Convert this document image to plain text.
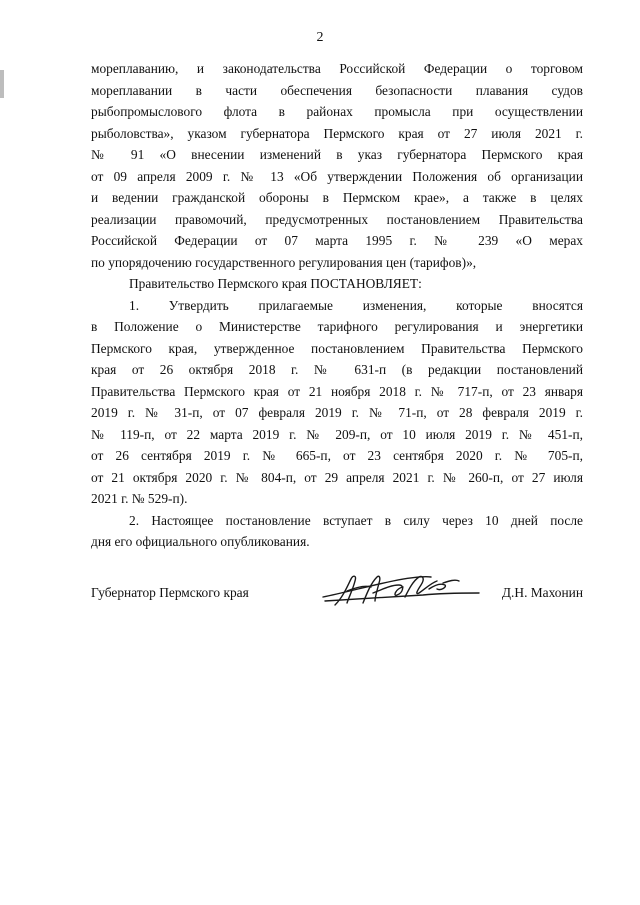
2

мореплаванию, и законодательства Российской Федерации о торговом
мореплавании в части обеспечения безопасности плавания судов
рыбопромыслового флота в районах промысла при осуществлении
рыболовства», указом губернатора Пермского края от 27 июля 2021 г.
№ 91 «О внесении изменений в указ губернатора Пермского края
от 09 апреля 2009 г. № 13 «Об утверждении Положения об организации
и ведении гражданской обороны в Пермском крае», а также в целях
реализации правомочий, предусмотренных постановлением Правительства
Российской Федерации от 07 марта 1995 г. № 239 «О мерах
по упорядочению государственного регулирования цен (тарифов)»,

Правительство Пермского края ПОСТАНОВЛЯЕТ:

1. Утвердить прилагаемые изменения, которые вносятся
в Положение о Министерстве тарифного регулирования и энергетики
Пермского края, утвержденное постановлением Правительства Пермского
края от 26 октября 2018 г. № 631-п (в редакции постановлений
Правительства Пермского края от 21 ноября 2018 г. № 717-п, от 23 января
2019 г. № 31-п, от 07 февраля 2019 г. № 71-п, от 28 февраля 2019 г.
№ 119-п, от 22 марта 2019 г. № 209-п, от 10 июля 2019 г. № 451-п,
от 26 сентября 2019 г. № 665-п, от 23 сентября 2020 г. № 705-п,
от 21 октября 2020 г. № 804-п, от 29 апреля 2021 г. № 260-п, от 27 июля
2021 г. № 529-п).

2. Настоящее постановление вступает в силу через 10 дней после
дня его официального опубликования.

Губернатор Пермского края	Д.Н. Махонин
